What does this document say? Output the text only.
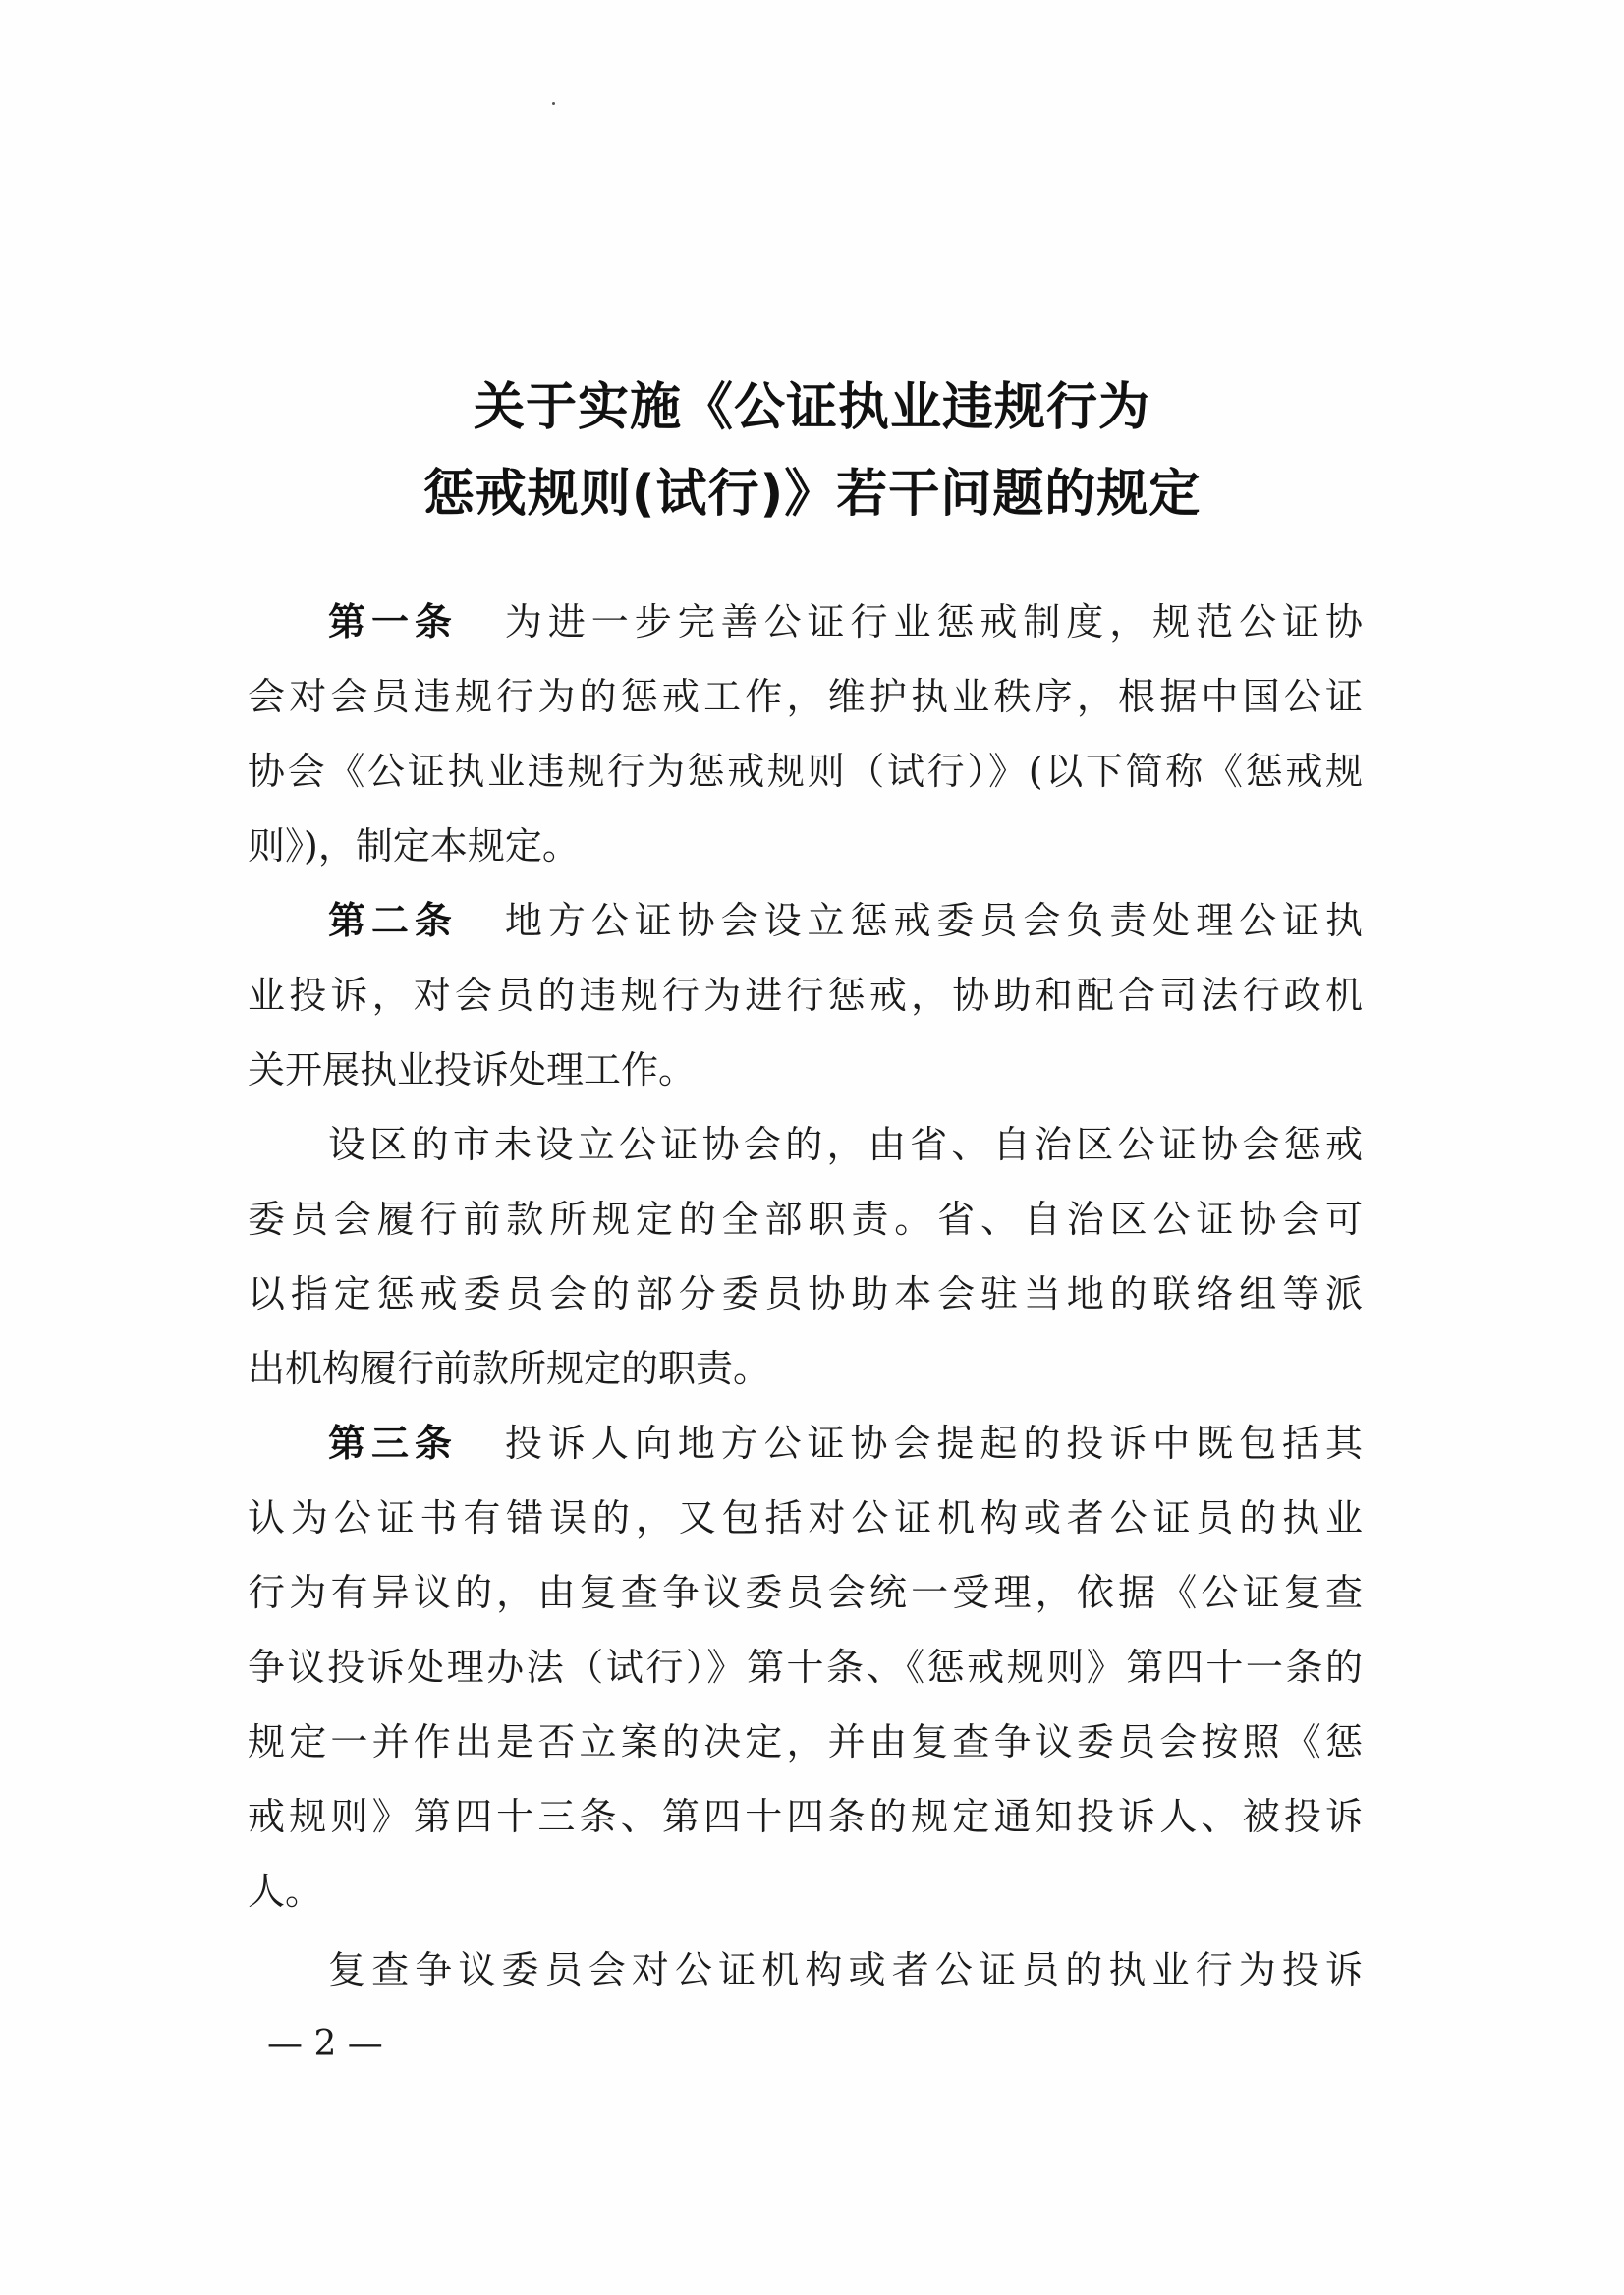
关于实施《公证执业违规行为
惩戒规则(试行)》若干问题的规定
第一条 为进一步完善公证行业惩戒制度，规范公证协
会对会员违规行为的惩戒工作，维护执业秩序，根据中国公证
协会《公证执业违规行为惩戒规则（试行）》(以下简称《惩戒规
则》)，制定本规定。
第二条 地方公证协会设立惩戒委员会负责处理公证执
业投诉，对会员的违规行为进行惩戒，协助和配合司法行政机
关开展执业投诉处理工作。
设区的市未设立公证协会的，由省、自治区公证协会惩戒
委员会履行前款所规定的全部职责。省、自治区公证协会可
以指定惩戒委员会的部分委员协助本会驻当地的联络组等派
出机构履行前款所规定的职责。
第三条 投诉人向地方公证协会提起的投诉中既包括其
认为公证书有错误的，又包括对公证机构或者公证员的执业
行为有异议的，由复查争议委员会统一受理，依据《公证复查
争议投诉处理办法（试行）》第十条、《惩戒规则》第四十一条的
规定一并作出是否立案的决定，并由复查争议委员会按照《惩
戒规则》第四十三条、第四十四条的规定通知投诉人、被投诉
人。
复查争议委员会对公证机构或者公证员的执业行为投诉
— 2 —
